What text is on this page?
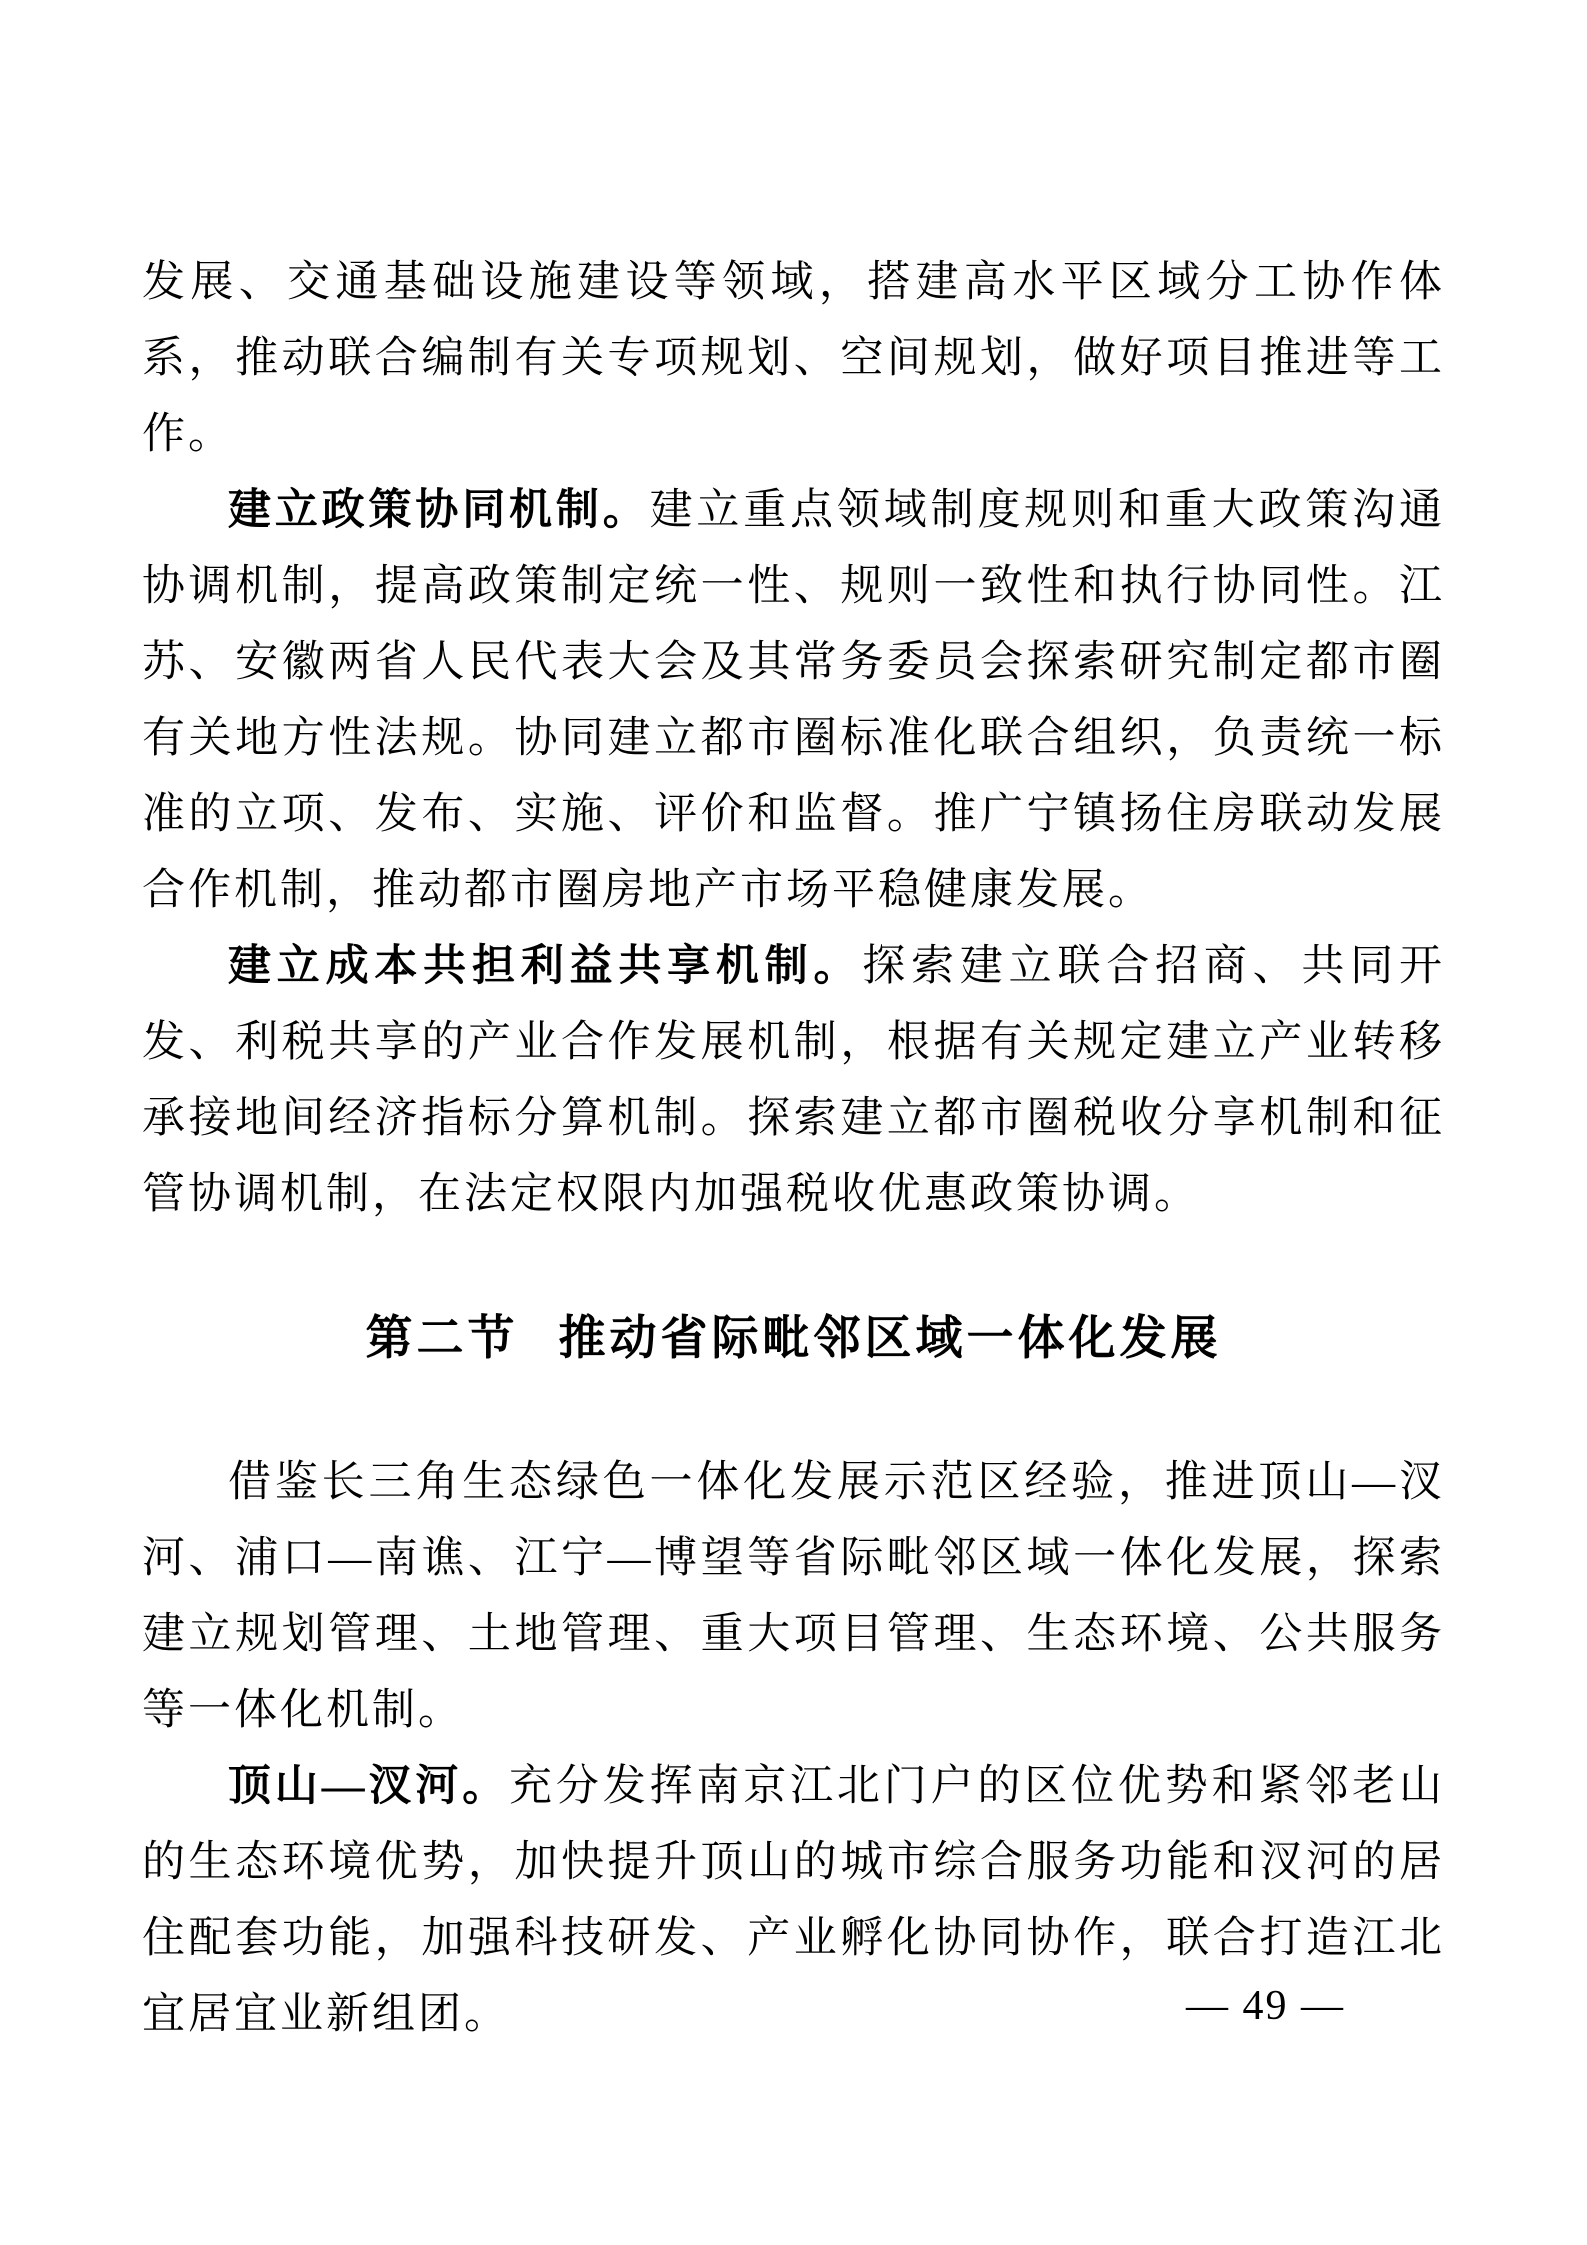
发展、交通基础设施建设等领域，搭建高水平区域分工协作体系，推动联合编制有关专项规划、空间规划，做好项目推进等工作。

建立政策协同机制。建立重点领域制度规则和重大政策沟通协调机制，提高政策制定统一性、规则一致性和执行协同性。江苏、安徽两省人民代表大会及其常务委员会探索研究制定都市圈有关地方性法规。协同建立都市圈标准化联合组织，负责统一标准的立项、发布、实施、评价和监督。推广宁镇扬住房联动发展合作机制，推动都市圈房地产市场平稳健康发展。

建立成本共担利益共享机制。探索建立联合招商、共同开发、利税共享的产业合作发展机制，根据有关规定建立产业转移承接地间经济指标分算机制。探索建立都市圈税收分享机制和征管协调机制，在法定权限内加强税收优惠政策协调。

第二节 推动省际毗邻区域一体化发展

借鉴长三角生态绿色一体化发展示范区经验，推进顶山—汊河、浦口—南谯、江宁—博望等省际毗邻区域一体化发展，探索建立规划管理、土地管理、重大项目管理、生态环境、公共服务等一体化机制。

顶山—汊河。充分发挥南京江北门户的区位优势和紧邻老山的生态环境优势，加快提升顶山的城市综合服务功能和汊河的居住配套功能，加强科技研发、产业孵化协同协作，联合打造江北宜居宜业新组团。	— 49 —
